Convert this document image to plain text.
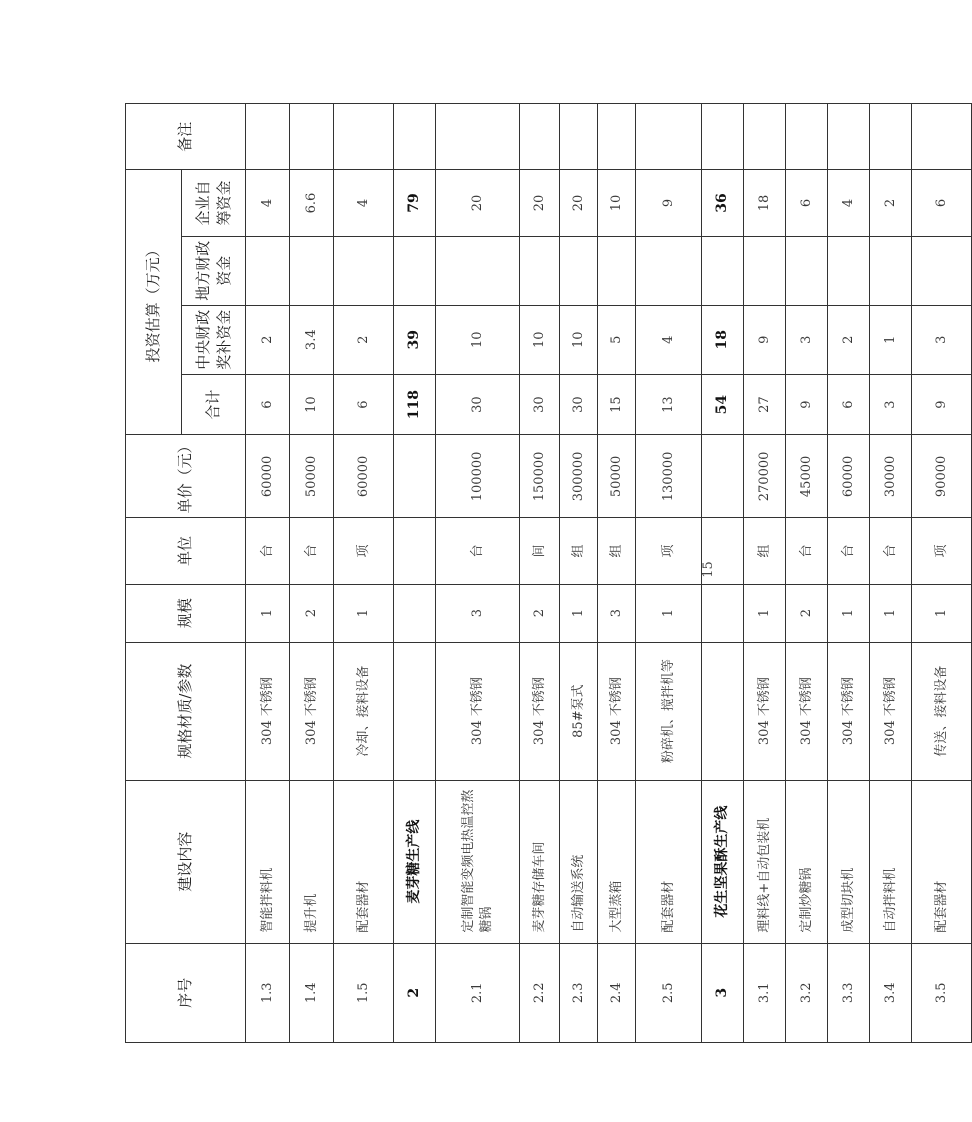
序号	建设内容	规格材质/参数	规模	单位	单价（元）	投资估算（万元）				备注
						合计	中央财政奖补资金	地方财政资金	企业自筹资金	
1.3	智能拌料机	304 不锈钢	1	台	60000	6	2		4	
1.4	提升机	304 不锈钢	2	台	50000	10	3.4		6.6	
1.5	配套器材	冷却、接料设备	1	项	60000	6	2		4	
2	麦芽糖生产线					118	39		79	
2.1	定制智能变频电热温控熬糖锅	304 不锈钢	3	台	100000	30	10		20	
2.2	麦芽糖存储车间	304 不锈钢	2	间	150000	30	10		20	
2.3	自动输送系统	85#泵式	1	组	300000	30	10		20	
2.4	大型蒸箱	304 不锈钢	3	组	50000	15	5		10	
2.5	配套器材	粉碎机、搅拌机等	1	项	130000	13	4		9	
3	花生坚果酥生产线					54	18		36	
3.1	理料线+自动包装机	304 不锈钢	1	组	270000	27	9		18	
3.2	定制炒糖锅	304 不锈钢	2	台	45000	9	3		6	
3.3	成型切块机	304 不锈钢	1	台	60000	6	2		4	
3.4	自动拌料机	304 不锈钢	1	台	30000	3	1		2	
3.5	配套器材	传送、接料设备	1	项	90000	9	3		6	
15
